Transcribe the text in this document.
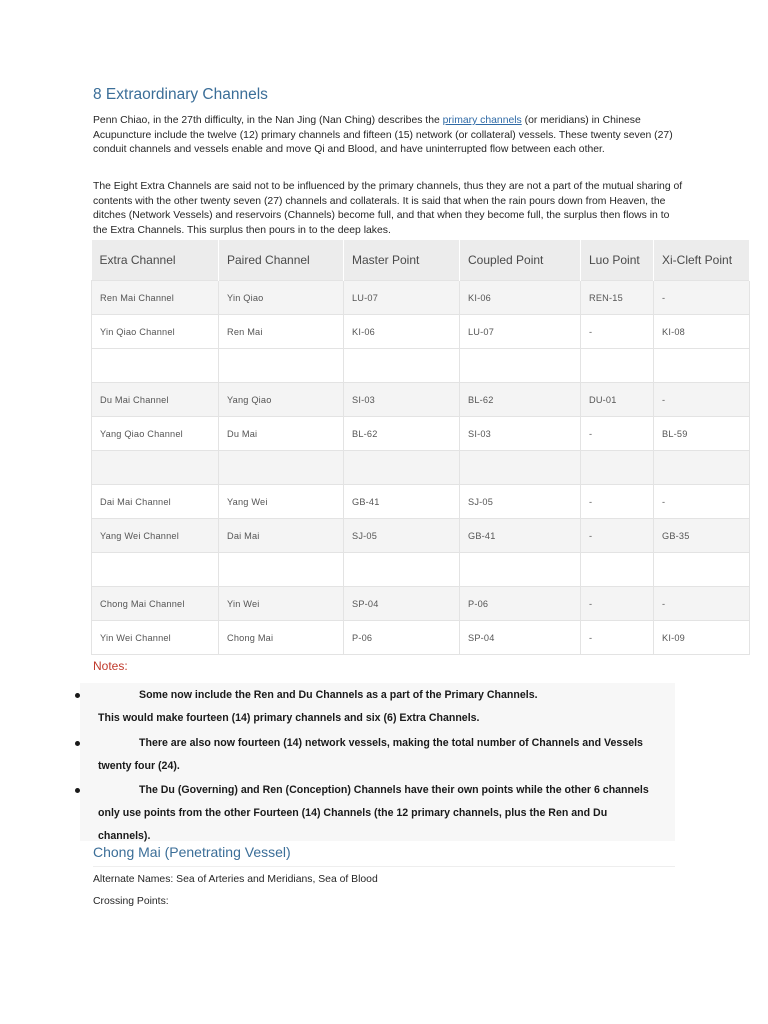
8 Extraordinary Channels

Penn Chiao, in the 27th difficulty, in the Nan Jing (Nan Ching) describes the primary channels (or meridians) in Chinese Acupuncture include the twelve (12) primary channels and fifteen (15) network (or collateral) vessels. These twenty seven (27) conduit channels and vessels enable and move Qi and Blood, and have uninterrupted flow between each other.

The Eight Extra Channels are said not to be influenced by the primary channels, thus they are not a part of the mutual sharing of contents with the other twenty seven (27) channels and collaterals. It is said that when the rain pours down from Heaven, the ditches (Network Vessels) and reservoirs (Channels) become full, and that when they become full, the surplus then flows in to the Extra Channels. This surplus then pours in to the deep lakes.

Extra Channel	Paired Channel	Master Point	Coupled Point	Luo Point	Xi-Cleft Point
Ren Mai Channel	Yin Qiao	LU-07	KI-06	REN-15	-
Yin Qiao Channel	Ren Mai	KI-06	LU-07	-	KI-08

Du Mai Channel	Yang Qiao	SI-03	BL-62	DU-01	-
Yang Qiao Channel	Du Mai	BL-62	SI-03	-	BL-59

Dai Mai Channel	Yang Wei	GB-41	SJ-05	-	-
Yang Wei Channel	Dai Mai	SJ-05	GB-41	-	GB-35

Chong Mai Channel	Yin Wei	SP-04	P-06	-	-
Yin Wei Channel	Chong Mai	P-06	SP-04	-	KI-09
Notes:
Some now include the Ren and Du Channels as a part of the Primary Channels.
This would make fourteen (14) primary channels and six (6) Extra Channels.
There are also now fourteen (14) network vessels, making the total number of Channels and Vessels
twenty four (24).
The Du (Governing) and Ren (Conception) Channels have their own points while the other 6 channels
only use points from the other Fourteen (14) Channels (the 12 primary channels, plus the Ren and Du
channels).
Chong Mai (Penetrating Vessel)

Alternate Names: Sea of Arteries and Meridians, Sea of Blood

Crossing Points:
